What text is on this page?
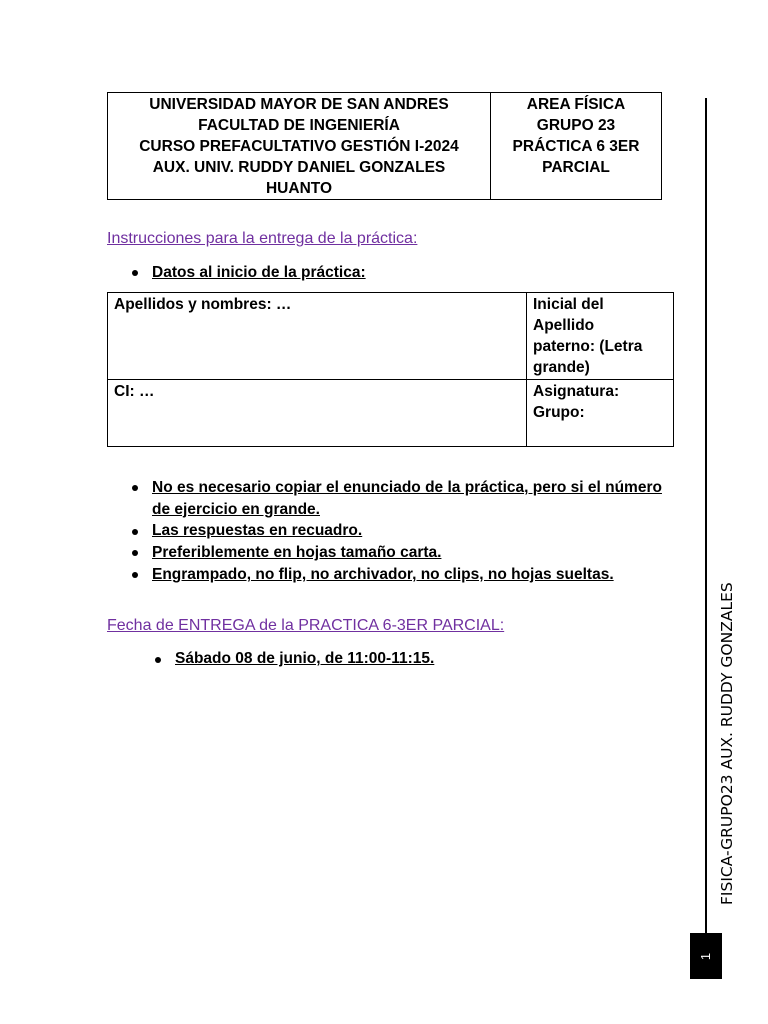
UNIVERSIDAD MAYOR DE SAN ANDRES
FACULTAD DE INGENIERÍA
CURSO PREFACULTATIVO GESTIÓN I-2024
AUX. UNIV. RUDDY DANIEL GONZALES
HUANTO

AREA FÍSICA
GRUPO 23
PRÁCTICA 6 3ER
PARCIAL
Instrucciones para la entrega de la práctica:
Datos al inicio de la práctica:
Apellidos y nombres: …	Inicial del
Apellido
paterno: (Letra
grande)

CI: …	Asignatura:
Grupo:
No es necesario copiar el enunciado de la práctica, pero si el número de ejercicio en grande.
Las respuestas en recuadro.
Preferiblemente en hojas tamaño carta.
Engrampado, no flip, no archivador, no clips, no hojas sueltas.
Fecha de ENTREGA de la PRACTICA 6-3ER PARCIAL:
Sábado 08 de junio, de 11:00-11:15.	FISICA-GRUPO23 AUX. RUDDY GONZALES
1
